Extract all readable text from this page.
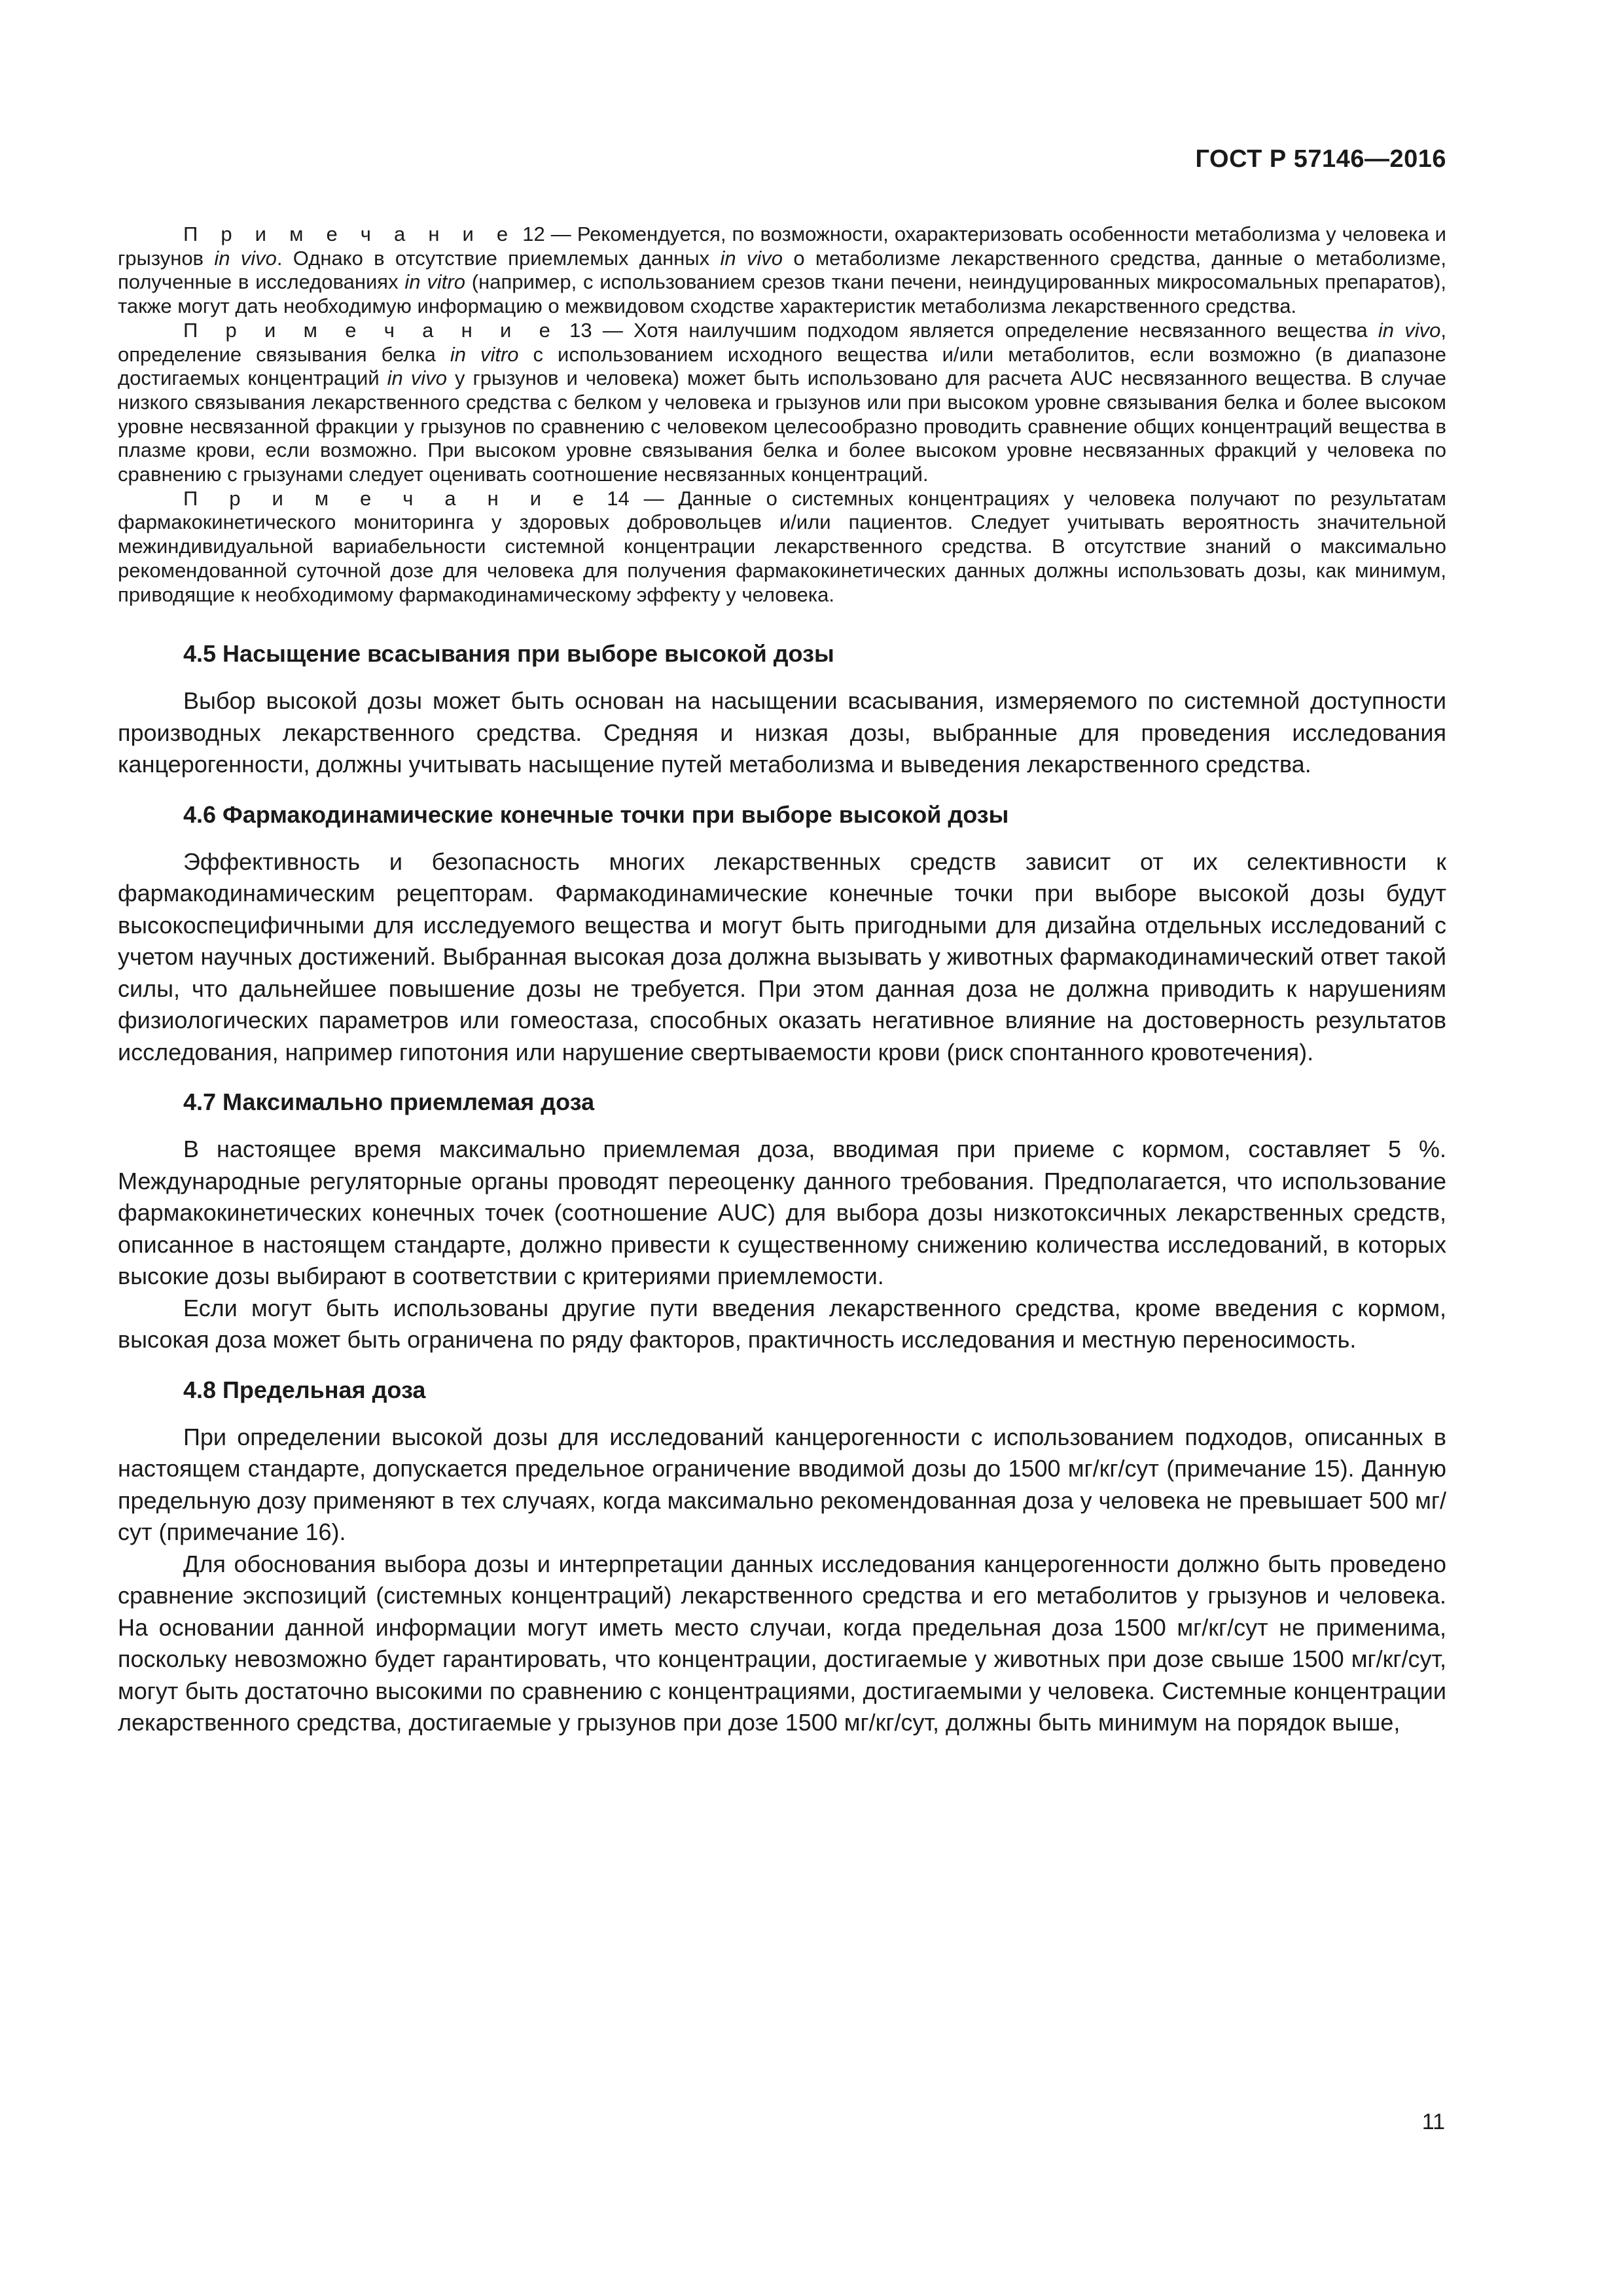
ГОСТ Р 57146—2016

П р и м е ч а н и е 12 — Рекомендуется, по возможности, охарактеризовать особенности метаболизма у человека и грызунов in vivo. Однако в отсутствие приемлемых данных in vivo о метаболизме лекарственного средства, данные о метаболизме, полученные в исследованиях in vitro (например, с использованием срезов ткани печени, неиндуцированных микросомальных препаратов), также могут дать необходимую информацию о межвидовом сходстве характеристик метаболизма лекарственного средства.

П р и м е ч а н и е 13 — Хотя наилучшим подходом является определение несвязанного вещества in vivo, определение связывания белка in vitro с использованием исходного вещества и/или метаболитов, если возможно (в диапазоне достигаемых концентраций in vivo у грызунов и человека) может быть использовано для расчета AUC несвязанного вещества. В случае низкого связывания лекарственного средства с белком у человека и грызунов или при высоком уровне связывания белка и более высоком уровне несвязанной фракции у грызунов по сравнению с человеком целесообразно проводить сравнение общих концентраций вещества в плазме крови, если возможно. При высоком уровне связывания белка и более высоком уровне несвязанных фракций у человека по сравнению с грызунами следует оценивать соотношение несвязанных концентраций.

П р и м е ч а н и е 14 — Данные о системных концентрациях у человека получают по результатам фармакокинетического мониторинга у здоровых добровольцев и/или пациентов. Следует учитывать вероятность значительной межиндивидуальной вариабельности системной концентрации лекарственного средства. В отсутствие знаний о максимально рекомендованной суточной дозе для человека для получения фармакокинетических данных должны использовать дозы, как минимум, приводящие к необходимому фармакодинамическому эффекту у человека.

4.5 Насыщение всасывания при выборе высокой дозы

Выбор высокой дозы может быть основан на насыщении всасывания, измеряемого по системной доступности производных лекарственного средства. Средняя и низкая дозы, выбранные для проведения исследования канцерогенности, должны учитывать насыщение путей метаболизма и выведения лекарственного средства.

4.6 Фармакодинамические конечные точки при выборе высокой дозы

Эффективность и безопасность многих лекарственных средств зависит от их селективности к фармакодинамическим рецепторам. Фармакодинамические конечные точки при выборе высокой дозы будут высокоспецифичными для исследуемого вещества и могут быть пригодными для дизайна отдельных исследований с учетом научных достижений. Выбранная высокая доза должна вызывать у животных фармакодинамический ответ такой силы, что дальнейшее повышение дозы не требуется. При этом данная доза не должна приводить к нарушениям физиологических параметров или гомеостаза, способных оказать негативное влияние на достоверность результатов исследования, например гипотония или нарушение свертываемости крови (риск спонтанного кровотечения).

4.7 Максимально приемлемая доза

В настоящее время максимально приемлемая доза, вводимая при приеме с кормом, составляет 5 %. Международные регуляторные органы проводят переоценку данного требования. Предполагается, что использование фармакокинетических конечных точек (соотношение AUC) для выбора дозы низкотоксичных лекарственных средств, описанное в настоящем стандарте, должно привести к существенному снижению количества исследований, в которых высокие дозы выбирают в соответствии с критериями приемлемости.

Если могут быть использованы другие пути введения лекарственного средства, кроме введения с кормом, высокая доза может быть ограничена по ряду факторов, практичность исследования и местную переносимость.

4.8 Предельная доза

При определении высокой дозы для исследований канцерогенности с использованием подходов, описанных в настоящем стандарте, допускается предельное ограничение вводимой дозы до 1500 мг/кг/сут (примечание 15). Данную предельную дозу применяют в тех случаях, когда максимально рекомендованная доза у человека не превышает 500 мг/сут (примечание 16).

Для обоснования выбора дозы и интерпретации данных исследования канцерогенности должно быть проведено сравнение экспозиций (системных концентраций) лекарственного средства и его метаболитов у грызунов и человека. На основании данной информации могут иметь место случаи, когда предельная доза 1500 мг/кг/сут не применима, поскольку невозможно будет гарантировать, что концентрации, достигаемые у животных при дозе свыше 1500 мг/кг/сут, могут быть достаточно высокими по сравнению с концентрациями, достигаемыми у человека. Системные концентрации лекарственного средства, достигаемые у грызунов при дозе 1500 мг/кг/сут, должны быть минимум на порядок выше,

11
